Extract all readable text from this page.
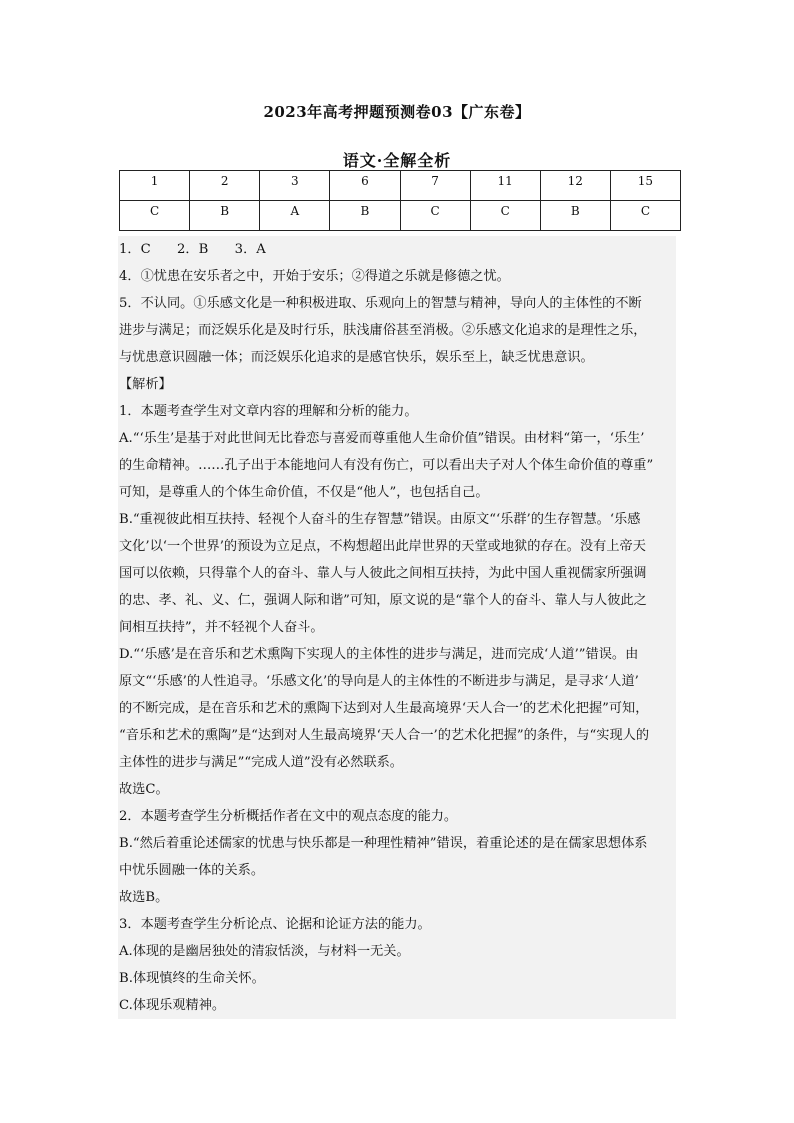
2023年高考押题预测卷03【广东卷】
语文·全解全析
1	2	3	6	7	11	12	15
C	B	A	B	C	C	B	C

1．C　　2．B　　3．A

4．①忧患在安乐者之中，开始于安乐；②得道之乐就是修德之忧。

5．不认同。①乐感文化是一种积极进取、乐观向上的智慧与精神，导向人的主体性的不断

进步与满足；而泛娱乐化是及时行乐，肤浅庸俗甚至消极。②乐感文化追求的是理性之乐，

与忧患意识圆融一体；而泛娱乐化追求的是感官快乐，娱乐至上，缺乏忧患意识。

【解析】

1．本题考查学生对文章内容的理解和分析的能力。

A.“‘乐生’是基于对此世间无比眷恋与喜爱而尊重他人生命价值”错误。由材料“第一，‘乐生’

的生命精神。……孔子出于本能地问人有没有伤亡，可以看出夫子对人个体生命价值的尊重”

可知，是尊重人的个体生命价值，不仅是“他人”，也包括自己。

B.“重视彼此相互扶持、轻视个人奋斗的生存智慧”错误。由原文“‘乐群’的生存智慧。‘乐感

文化’以‘一个世界’的预设为立足点，不构想超出此岸世界的天堂或地狱的存在。没有上帝天

国可以依赖，只得靠个人的奋斗、靠人与人彼此之间相互扶持，为此中国人重视儒家所强调

的忠、孝、礼、义、仁，强调人际和谐”可知，原文说的是“靠个人的奋斗、靠人与人彼此之

间相互扶持”，并不轻视个人奋斗。

D.“‘乐感’是在音乐和艺术熏陶下实现人的主体性的进步与满足，进而完成‘人道’”错误。由

原文“‘乐感’的人性追寻。‘乐感文化’的导向是人的主体性的不断进步与满足，是寻求‘人道’

的不断完成，是在音乐和艺术的熏陶下达到对人生最高境界‘天人合一’的艺术化把握”可知，

“音乐和艺术的熏陶”是“达到对人生最高境界‘天人合一’的艺术化把握”的条件，与“实现人的

主体性的进步与满足”“完成人道”没有必然联系。

故选C。

2．本题考查学生分析概括作者在文中的观点态度的能力。

B.“然后着重论述儒家的忧患与快乐都是一种理性精神”错误，着重论述的是在儒家思想体系

中忧乐圆融一体的关系。

故选B。

3．本题考查学生分析论点、论据和论证方法的能力。

A.体现的是幽居独处的清寂恬淡，与材料一无关。

B.体现慎终的生命关怀。

C.体现乐观精神。
